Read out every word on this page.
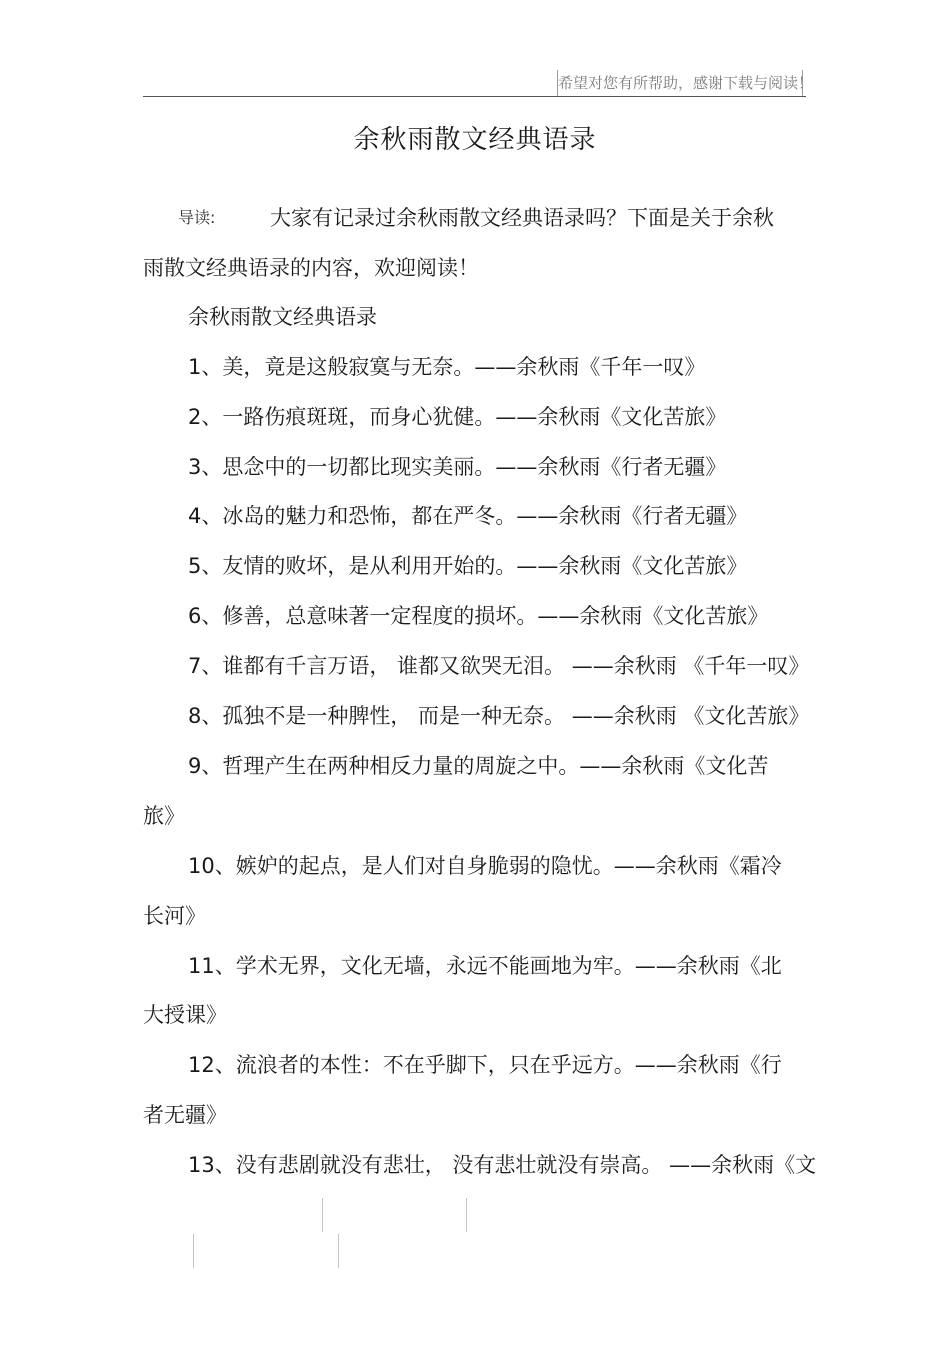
希望对您有所帮助，感谢下载与阅读！
余秋雨散文经典语录
导读:	大家有记录过余秋雨散文经典语录吗？下面是关于余秋
雨散文经典语录的内容，欢迎阅读！
余秋雨散文经典语录
1、美，竟是这般寂寞与无奈。——余秋雨《千年一叹》
2、一路伤痕斑斑，而身心犹健。——余秋雨《文化苦旅》
3、思念中的一切都比现实美丽。——余秋雨《行者无疆》
4、冰岛的魅力和恐怖，都在严冬。——余秋雨《行者无疆》
5、友情的败坏，是从利用开始的。——余秋雨《文化苦旅》
6、修善，总意味著一定程度的损坏。——余秋雨《文化苦旅》
7、谁都有千言万语， 谁都又欲哭无泪。 ——余秋雨 《千年一叹》
8、孤独不是一种脾性， 而是一种无奈。 ——余秋雨 《文化苦旅》
9、哲理产生在两种相反力量的周旋之中。——余秋雨《文化苦
旅》
10、嫉妒的起点，是人们对自身脆弱的隐忧。——余秋雨《霜冷
长河》
11、学术无界，文化无墙，永远不能画地为牢。——余秋雨《北
大授课》
12、流浪者的本性：不在乎脚下，只在乎远方。——余秋雨《行
者无疆》
13、没有悲剧就没有悲壮， 没有悲壮就没有崇高。 ——余秋雨《文
